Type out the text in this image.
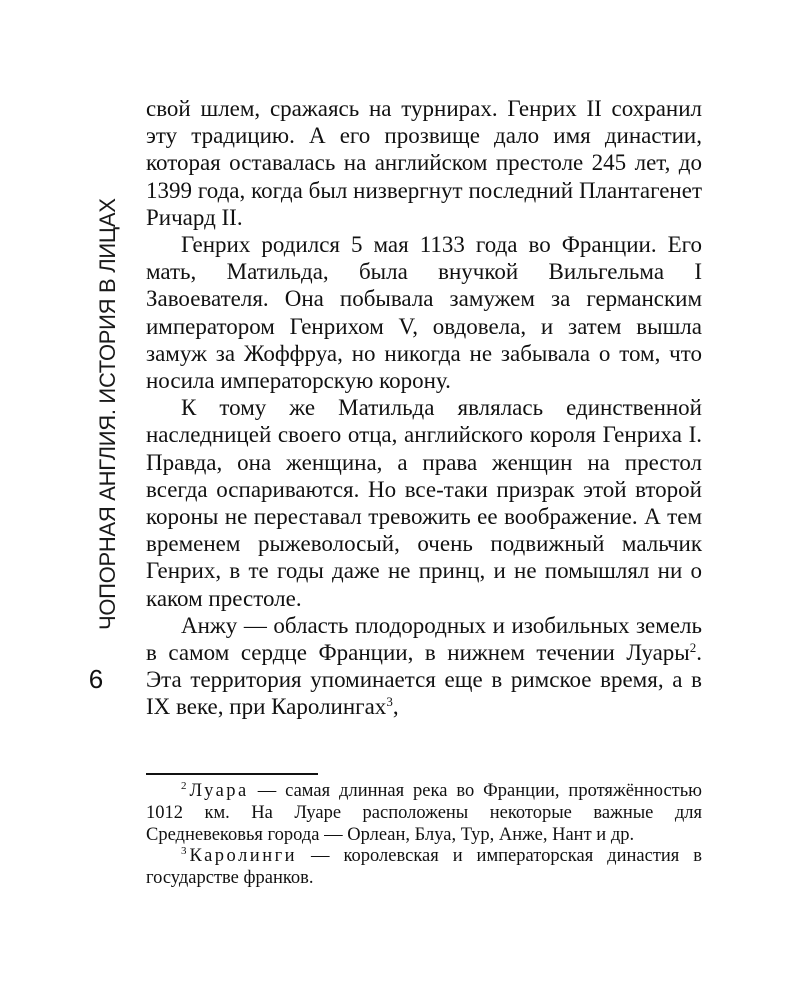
ЧОПОРНАЯ АНГЛИЯ. ИСТОРИЯ В ЛИЦАХ
6

свой шлем, сражаясь на турнирах. Генрих II сохранил эту традицию. А его прозвище дало имя династии, которая оставалась на английском престоле 245 лет, до 1399 года, когда был низвергнут последний Плантагенет Ричард II.

Генрих родился 5 мая 1133 года во Франции. Его мать, Матильда, была внучкой Вильгельма I Завоевателя. Она побывала замужем за германским императором Генрихом V, овдовела, и затем вышла замуж за Жоффруа, но никогда не забывала о том, что носила императорскую корону.

К тому же Матильда являлась единственной наследницей своего отца, английского короля Генриха I. Правда, она женщина, а права женщин на престол всегда оспариваются. Но все-таки призрак этой второй короны не переставал тревожить ее воображение. А тем временем рыжеволосый, очень подвижный мальчик Генрих, в те годы даже не принц, и не помышлял ни о каком престоле.

Анжу — область плодородных и изобильных земель в самом сердце Франции, в нижнем течении Луары$^2$. Эта территория упоминается еще в римское время, а в IX веке, при Каролингах$^3$,

$^2$ Луара — самая длинная река во Франции, протяжённостью 1012 км. На Луаре расположены некоторые важные для Средневековья города — Орлеан, Блуа, Тур, Анже, Нант и др.

$^3$ Каролинги — королевская и императорская династия в государстве франков.
